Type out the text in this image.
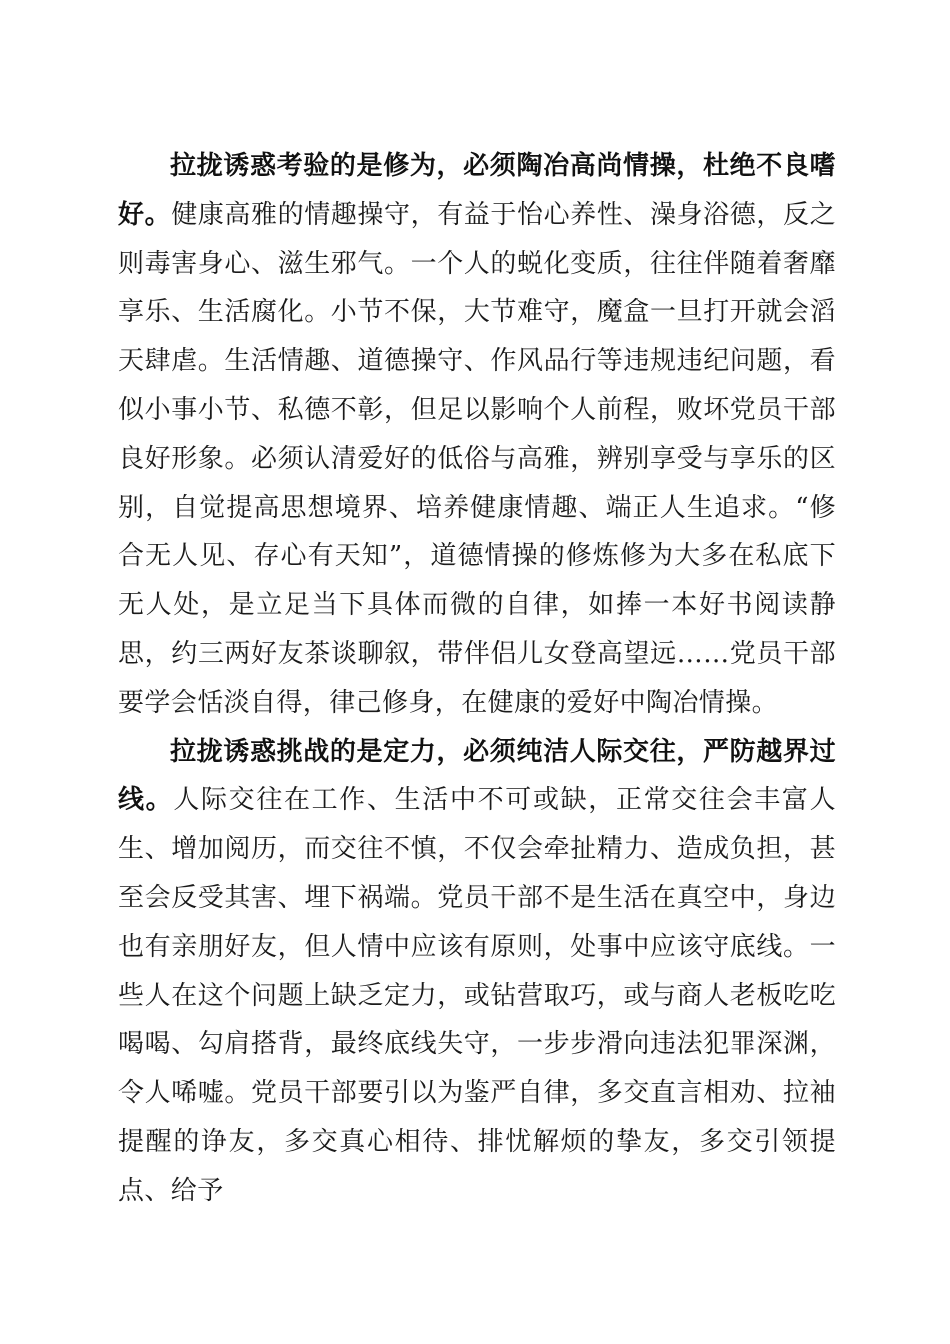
拉拢诱惑考验的是修为，必须陶冶高尚情操，杜绝不良嗜好。健康高雅的情趣操守，有益于怡心养性、澡身浴德，反之则毒害身心、滋生邪气。一个人的蜕化变质，往往伴随着奢靡享乐、生活腐化。小节不保，大节难守，魔盒一旦打开就会滔天肆虐。生活情趣、道德操守、作风品行等违规违纪问题，看似小事小节、私德不彰，但足以影响个人前程，败坏党员干部良好形象。必须认清爱好的低俗与高雅，辨别享受与享乐的区别，自觉提高思想境界、培养健康情趣、端正人生追求。“修合无人见、存心有天知”，道德情操的修炼修为大多在私底下无人处，是立足当下具体而微的自律，如捧一本好书阅读静思，约三两好友茶谈聊叙，带伴侣儿女登高望远……党员干部要学会恬淡自得，律己修身，在健康的爱好中陶冶情操。

拉拢诱惑挑战的是定力，必须纯洁人际交往，严防越界过线。人际交往在工作、生活中不可或缺，正常交往会丰富人生、增加阅历，而交往不慎，不仅会牵扯精力、造成负担，甚至会反受其害、埋下祸端。党员干部不是生活在真空中，身边也有亲朋好友，但人情中应该有原则，处事中应该守底线。一些人在这个问题上缺乏定力，或钻营取巧，或与商人老板吃吃喝喝、勾肩搭背，最终底线失守，一步步滑向违法犯罪深渊，令人唏嘘。党员干部要引以为鉴严自律，多交直言相劝、拉袖提醒的诤友，多交真心相待、排忧解烦的挚友，多交引领提点、给予
